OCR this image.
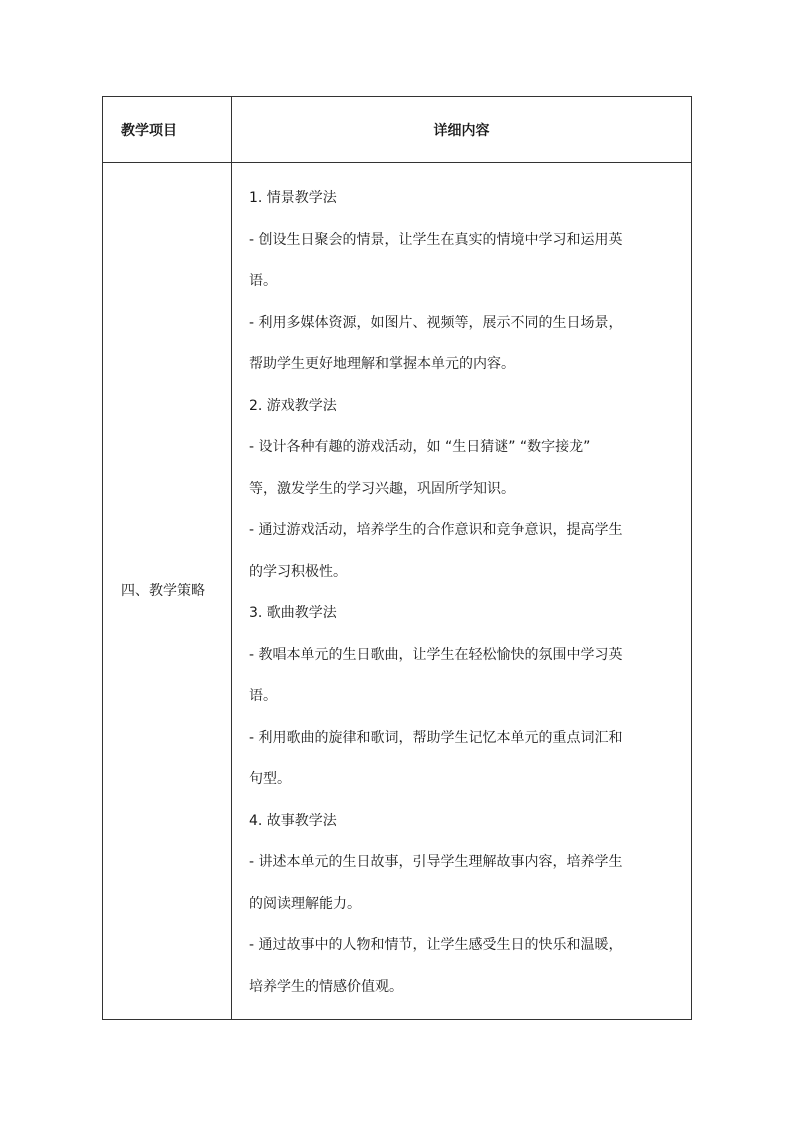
教学项目	详细内容
四、教学策略
1. 情景教学法
- 创设生日聚会的情景，让学生在真实的情境中学习和运用英
语。
- 利用多媒体资源，如图片、视频等，展示不同的生日场景，
帮助学生更好地理解和掌握本单元的内容。
2. 游戏教学法
- 设计各种有趣的游戏活动，如 “生日猜谜” “数字接龙”
等，激发学生的学习兴趣，巩固所学知识。
- 通过游戏活动，培养学生的合作意识和竞争意识，提高学生
的学习积极性。
3. 歌曲教学法
- 教唱本单元的生日歌曲，让学生在轻松愉快的氛围中学习英
语。
- 利用歌曲的旋律和歌词，帮助学生记忆本单元的重点词汇和
句型。
4. 故事教学法
- 讲述本单元的生日故事，引导学生理解故事内容，培养学生
的阅读理解能力。
- 通过故事中的人物和情节，让学生感受生日的快乐和温暖，
培养学生的情感价值观。
